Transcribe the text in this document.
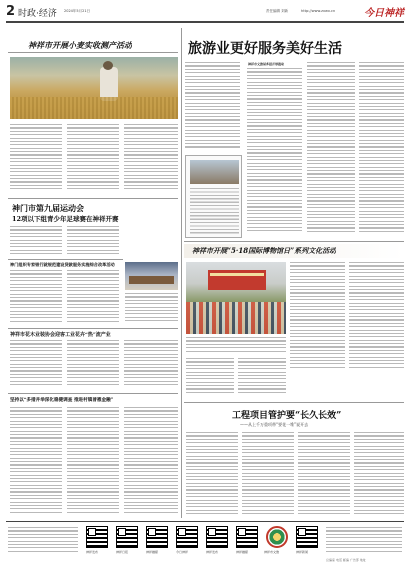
2 时政·经济 2024年5月21日	责任编辑 刘新	http://www.zxwx.cn	今日神祥
神祥市开展小麦实收测产活动
神门市第九届运动会
12项以下组青少年足球赛在神祥开赛
神门组织专家银行就规范建设贷款服务实施综合改革活动
神祥市花木业装协会迎客工业花卉“热”流产业
坚持以“多措并举深化稳健调查 推进村镇普惠金融”
旅游业更好服务美好生活
神祥市文旅局多措并举推动
神祥市开展“5·18国际博物馆日”系列文化活动
工程项目管护要“长久长效”
——从上千万重项带“要花一堆”说开去
神祥发布	神祥日报	神祥融媒	今日神祥	神祥发布	神祥融媒	神祥市文旅	神祥新闻
总编室 电话 邮编 广告部 地址
